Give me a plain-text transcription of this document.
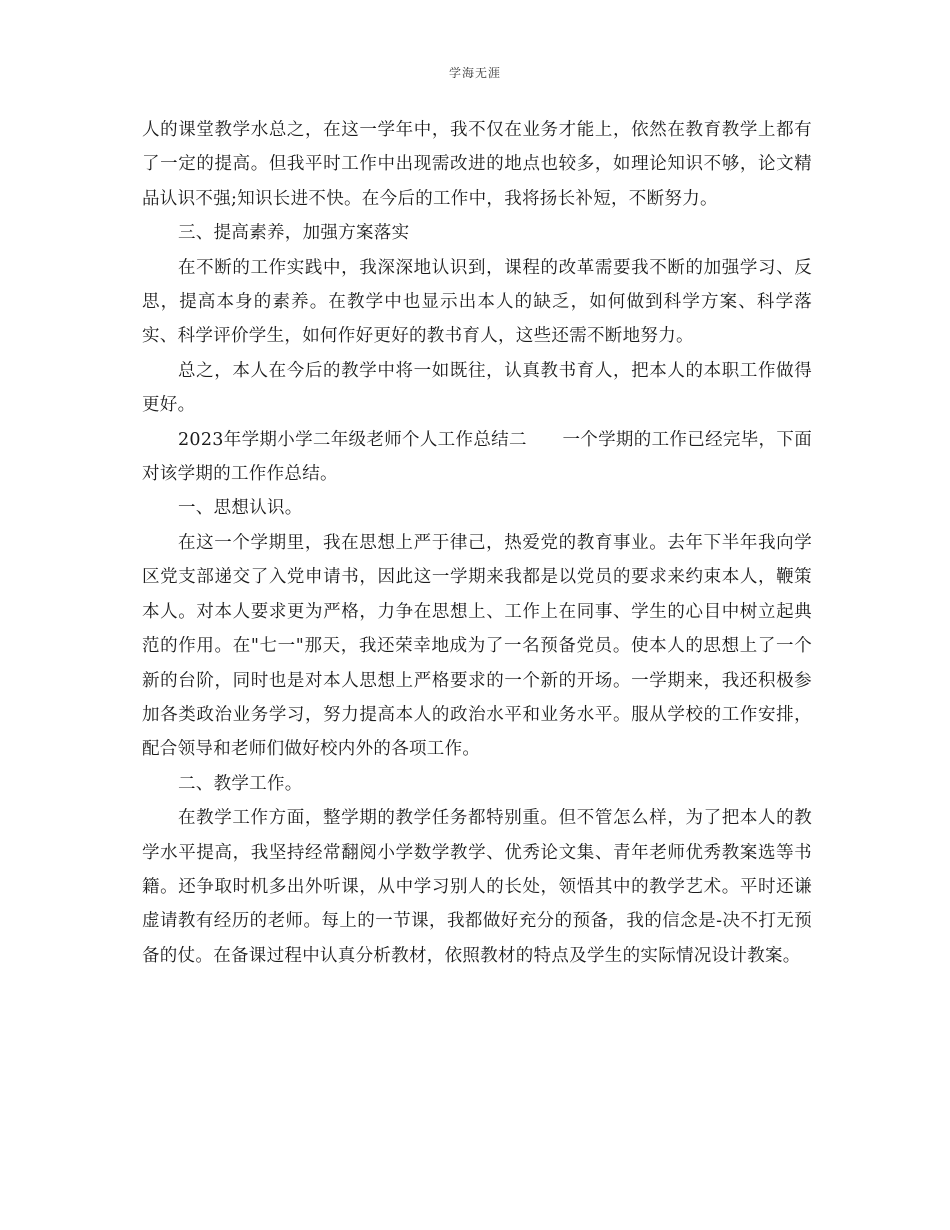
学海无涯

人的课堂教学水总之，在这一学年中，我不仅在业务才能上，依然在教育教学上都有了一定的提高。但我平时工作中出现需改进的地点也较多，如理论知识不够，论文精品认识不强;知识长进不快。在今后的工作中，我将扬长补短，不断努力。

三、提高素养，加强方案落实

在不断的工作实践中，我深深地认识到，课程的改革需要我不断的加强学习、反思，提高本身的素养。在教学中也显示出本人的缺乏，如何做到科学方案、科学落实、科学评价学生，如何作好更好的教书育人，这些还需不断地努力。

总之，本人在今后的教学中将一如既往，认真教书育人，把本人的本职工作做得更好。

2023年学期小学二年级老师个人工作总结二　　一个学期的工作已经完毕，下面对该学期的工作作总结。

一、思想认识。

在这一个学期里，我在思想上严于律己，热爱党的教育事业。去年下半年我向学区党支部递交了入党申请书，因此这一学期来我都是以党员的要求来约束本人，鞭策本人。对本人要求更为严格，力争在思想上、工作上在同事、学生的心目中树立起典范的作用。在"七一"那天，我还荣幸地成为了一名预备党员。使本人的思想上了一个新的台阶，同时也是对本人思想上严格要求的一个新的开场。一学期来，我还积极参加各类政治业务学习，努力提高本人的政治水平和业务水平。服从学校的工作安排，配合领导和老师们做好校内外的各项工作。

二、教学工作。

在教学工作方面，整学期的教学任务都特别重。但不管怎么样，为了把本人的教学水平提高，我坚持经常翻阅小学数学教学、优秀论文集、青年老师优秀教案选等书籍。还争取时机多出外听课，从中学习别人的长处，领悟其中的教学艺术。平时还谦虚请教有经历的老师。每上的一节课，我都做好充分的预备，我的信念是-决不打无预备的仗。在备课过程中认真分析教材，依照教材的特点及学生的实际情况设计教案。
